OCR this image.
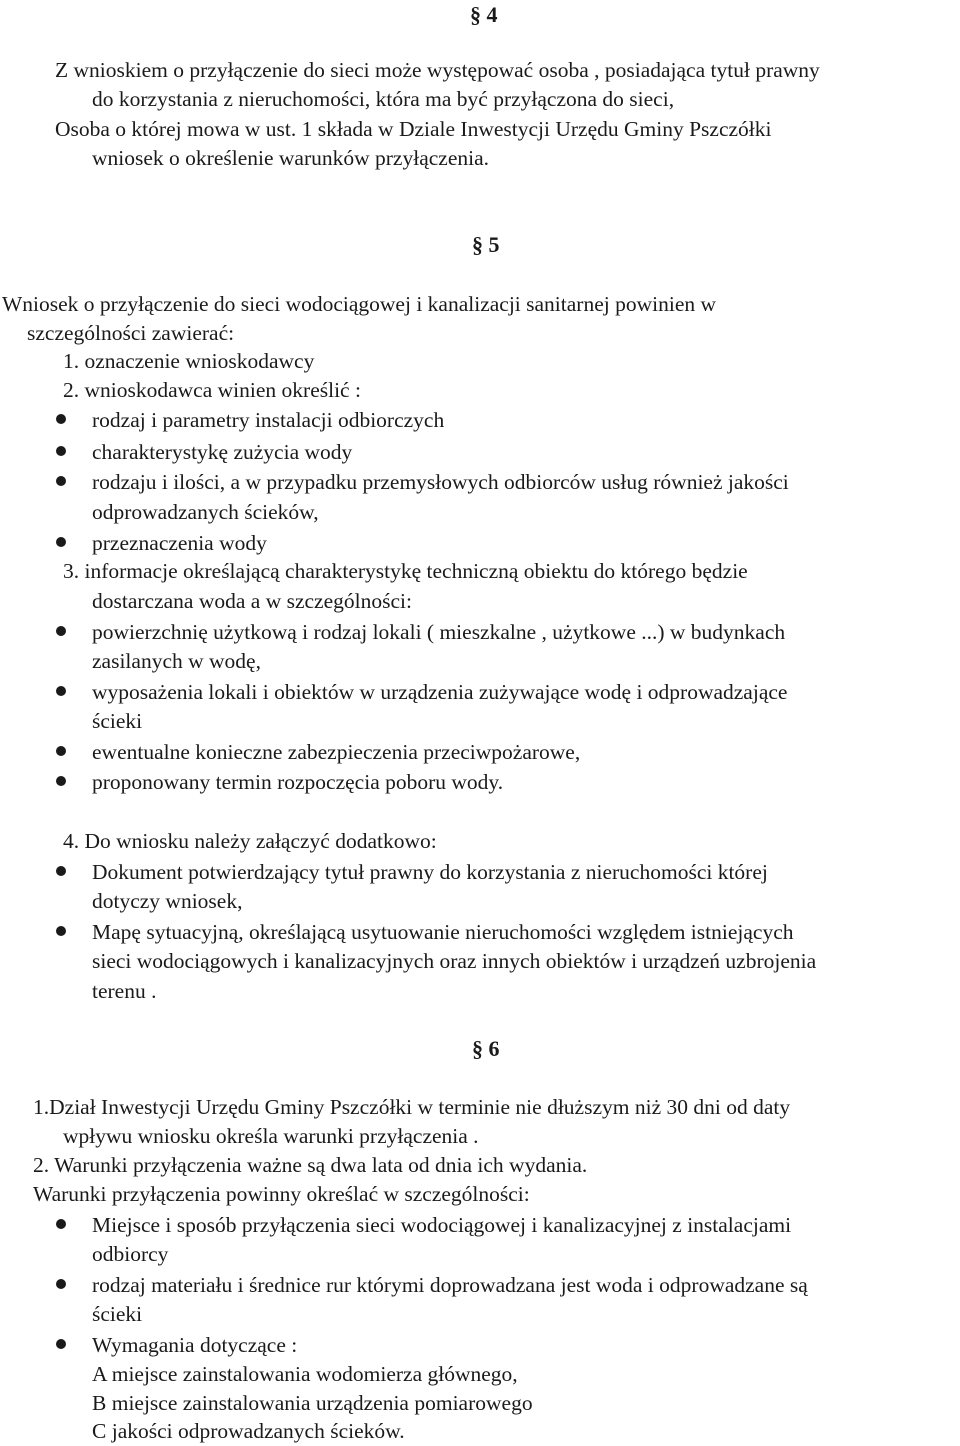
§ 4
Z wnioskiem o przyłączenie do sieci może występować osoba , posiadająca tytuł prawny
do korzystania z nieruchomości, która ma być przyłączona do sieci,
Osoba o której mowa w ust. 1 składa w Dziale Inwestycji Urzędu Gminy Pszczółki
wniosek o określenie warunków przyłączenia.
§ 5
Wniosek o przyłączenie do sieci wodociągowej i kanalizacji sanitarnej powinien w
szczególności zawierać:
1. oznaczenie wnioskodawcy
2. wnioskodawca winien określić :
rodzaj i parametry instalacji odbiorczych
charakterystykę zużycia wody
rodzaju i ilości, a w przypadku przemysłowych odbiorców usług również jakości
odprowadzanych ścieków,
przeznaczenia wody
3. informacje określającą charakterystykę techniczną obiektu do którego będzie
dostarczana woda a w szczególności:
powierzchnię użytkową i rodzaj lokali ( mieszkalne , użytkowe ...) w budynkach
zasilanych w wodę,
wyposażenia lokali i obiektów w urządzenia zużywające wodę i odprowadzające
ścieki
ewentualne konieczne zabezpieczenia przeciwpożarowe,
proponowany termin rozpoczęcia poboru wody.
4. Do wniosku należy załączyć dodatkowo:
Dokument potwierdzający tytuł prawny do korzystania z nieruchomości której
dotyczy wniosek,
Mapę sytuacyjną, określającą usytuowanie nieruchomości względem istniejących
sieci wodociągowych i kanalizacyjnych oraz innych obiektów i urządzeń uzbrojenia
terenu .
§ 6
1.Dział Inwestycji Urzędu Gminy Pszczółki w terminie nie dłuższym niż 30 dni od daty
wpływu wniosku określa warunki przyłączenia .
2. Warunki przyłączenia ważne są dwa lata od dnia ich wydania.
Warunki przyłączenia powinny określać w szczególności:
Miejsce i sposób przyłączenia sieci wodociągowej i kanalizacyjnej z instalacjami
odbiorcy
rodzaj materiału i średnice rur którymi doprowadzana jest woda i odprowadzane są
ścieki
Wymagania dotyczące :
A miejsce zainstalowania wodomierza głównego,
B miejsce zainstalowania urządzenia pomiarowego
C jakości odprowadzanych ścieków.
